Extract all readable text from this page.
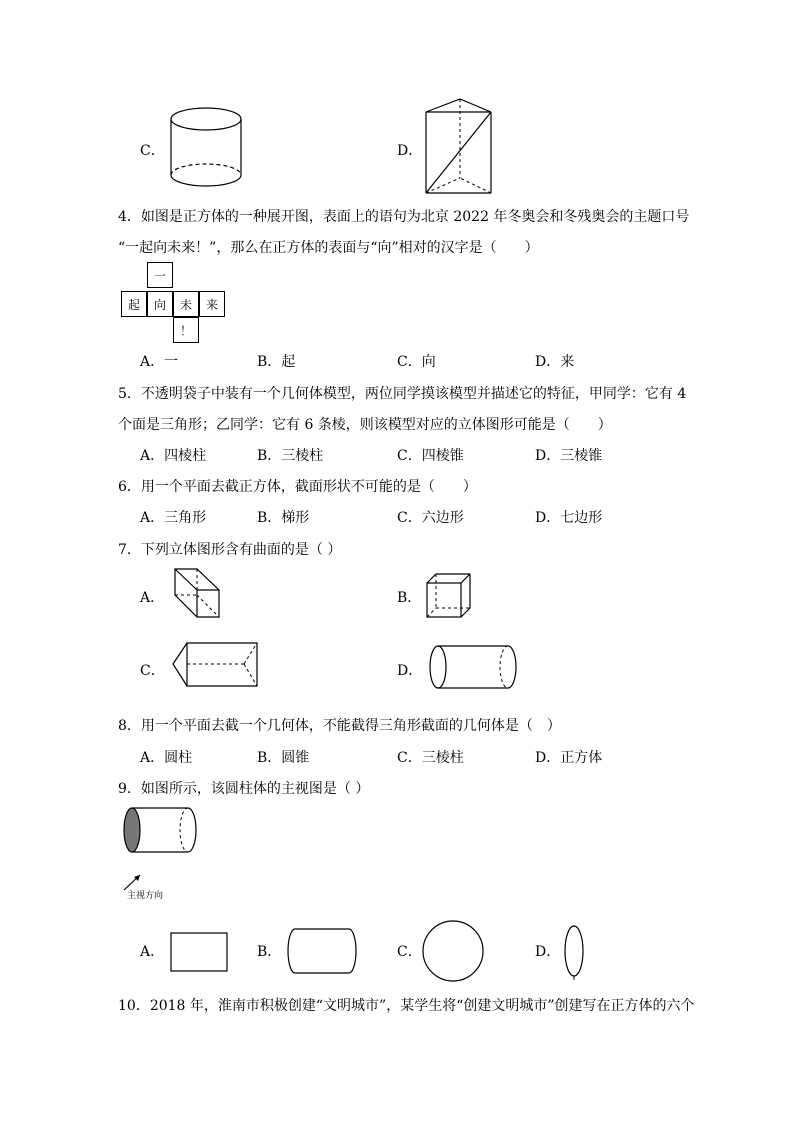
C．	D．
4．如图是正方体的一种展开图，表面上的语句为北京 2022 年冬奥会和冬残奥会的主题口号
“一起向未来！”，那么在正方体的表面与“向”相对的汉字是（　　）
一
起	向	未	来
！
A．一	B．起	C．向	D．来
5．不透明袋子中装有一个几何体模型，两位同学摸该模型并描述它的特征，甲同学：它有 4
个面是三角形；乙同学：它有 6 条棱，则该模型对应的立体图形可能是（　　）
A．四棱柱	B．三棱柱	C．四棱锥	D．三棱锥
6．用一个平面去截正方体，截面形状不可能的是（　　）
A．三角形	B．梯形	C．六边形	D．七边形
7．下列立体图形含有曲面的是（ ）
A．	B．
C．	D．
8．用一个平面去截一个几何体，不能截得三角形截面的几何体是（　）
A．圆柱	B．圆锥	C．三棱柱	D．正方体
9．如图所示，该圆柱体的主视图是（ ）
主视方向
A．	B．	C．	D．
10．2018 年，淮南市积极创建“文明城市”，某学生将“创建文明城市”创建写在正方体的六个
